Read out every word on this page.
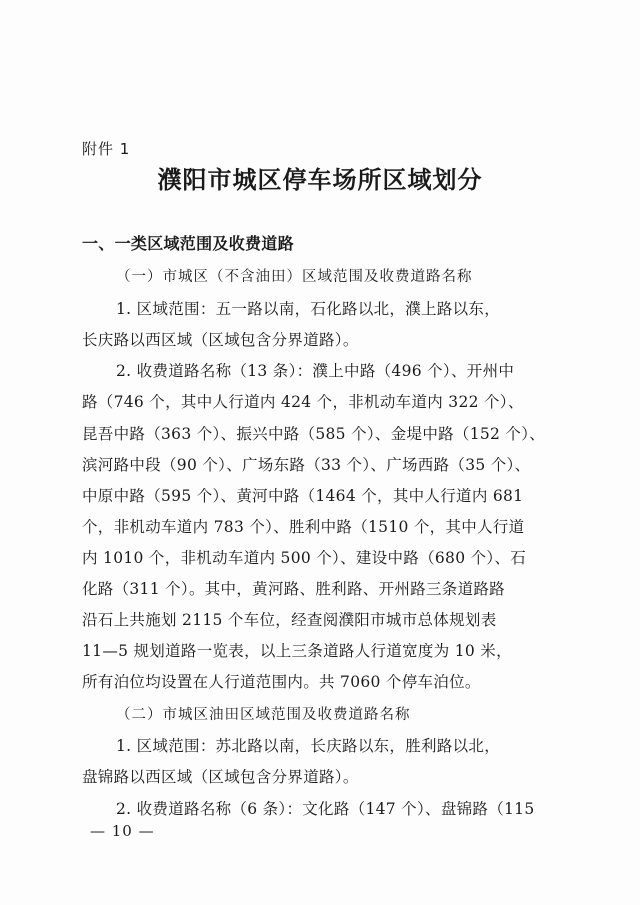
附件 1
濮阳市城区停车场所区域划分
一、一类区域范围及收费道路
（一）市城区（不含油田）区域范围及收费道路名称
1. 区域范围：五一路以南，石化路以北，濮上路以东，
长庆路以西区域（区域包含分界道路）。
2. 收费道路名称（13 条）：濮上中路（496 个）、开州中
路（746 个，其中人行道内 424 个，非机动车道内 322 个）、
昆吾中路（363 个）、振兴中路（585 个）、金堤中路（152 个）、
滨河路中段（90 个）、广场东路（33 个）、广场西路（35 个）、
中原中路（595 个）、黄河中路（1464 个，其中人行道内 681
个，非机动车道内 783 个）、胜利中路（1510 个，其中人行道
内 1010 个，非机动车道内 500 个）、建设中路（680 个）、石
化路（311 个）。其中，黄河路、胜利路、开州路三条道路路
沿石上共施划 2115 个车位，经查阅濮阳市城市总体规划表
11—5 规划道路一览表，以上三条道路人行道宽度为 10 米，
所有泊位均设置在人行道范围内。共 7060 个停车泊位。
（二）市城区油田区域范围及收费道路名称
1. 区域范围：苏北路以南，长庆路以东，胜利路以北，
盘锦路以西区域（区域包含分界道路）。
2. 收费道路名称（6 条）：文化路（147 个）、盘锦路（115
— 10 —
